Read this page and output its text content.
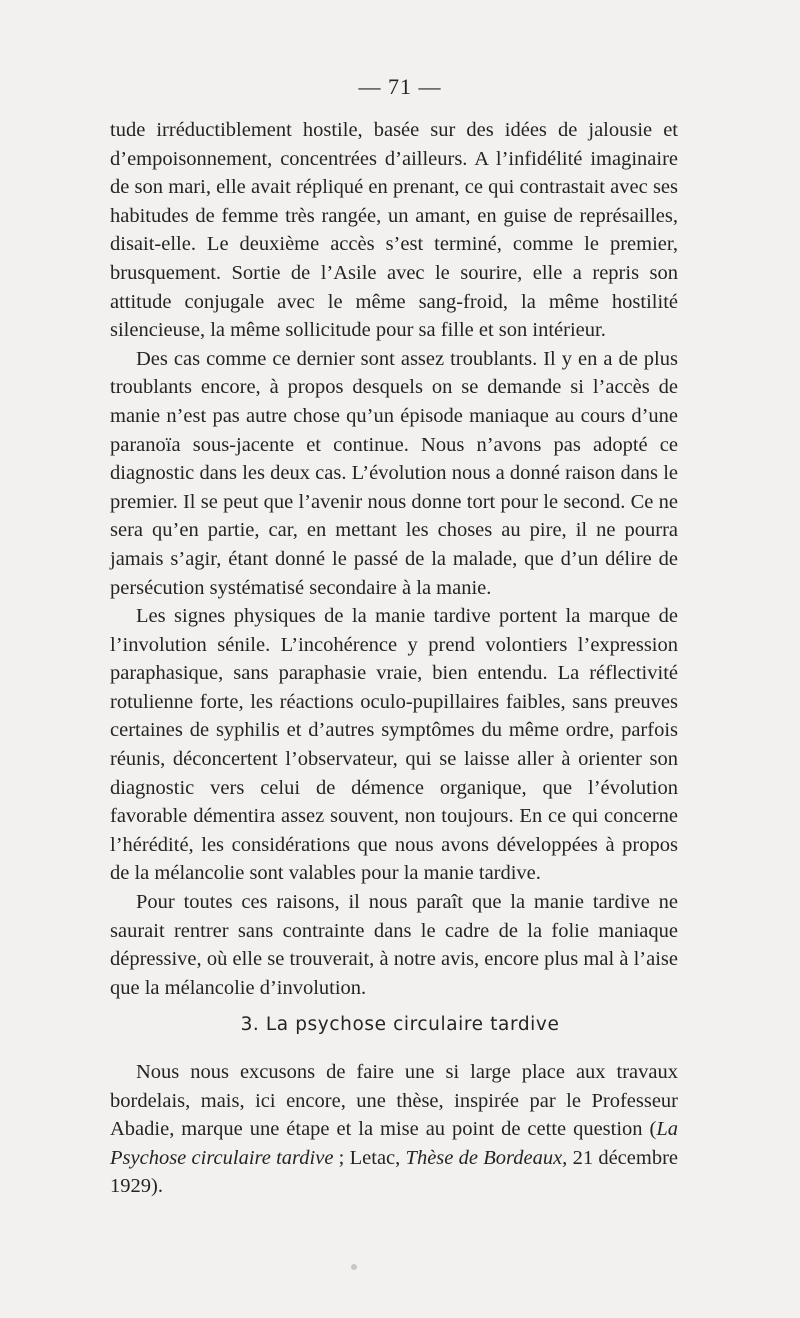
— 71 —

tude irréductiblement hostile, basée sur des idées de jalousie et d’empoisonnement, concentrées d’ailleurs. A l’infidélité imaginaire de son mari, elle avait répliqué en prenant, ce qui contrastait avec ses habitudes de femme très rangée, un amant, en guise de représailles, disait-elle. Le deuxième accès s’est terminé, comme le premier, brusquement. Sortie de l’Asile avec le sourire, elle a repris son attitude conjugale avec le même sang-froid, la même hostilité silencieuse, la même sollicitude pour sa fille et son intérieur.

Des cas comme ce dernier sont assez troublants. Il y en a de plus troublants encore, à propos desquels on se demande si l’accès de manie n’est pas autre chose qu’un épisode maniaque au cours d’une paranoïa sous-jacente et continue. Nous n’avons pas adopté ce diagnostic dans les deux cas. L’évolution nous a donné raison dans le premier. Il se peut que l’avenir nous donne tort pour le second. Ce ne sera qu’en partie, car, en mettant les choses au pire, il ne pourra jamais s’agir, étant donné le passé de la malade, que d’un délire de persécution systématisé secondaire à la manie.

Les signes physiques de la manie tardive portent la marque de l’involution sénile. L’incohérence y prend volontiers l’expression paraphasique, sans paraphasie vraie, bien entendu. La réflectivité rotulienne forte, les réactions oculo-pupillaires faibles, sans preuves certaines de syphilis et d’autres symptômes du même ordre, parfois réunis, déconcertent l’observateur, qui se laisse aller à orienter son diagnostic vers celui de démence organique, que l’évolution favorable démentira assez souvent, non toujours. En ce qui concerne l’hérédité, les considérations que nous avons développées à propos de la mélancolie sont valables pour la manie tardive.

Pour toutes ces raisons, il nous paraît que la manie tardive ne saurait rentrer sans contrainte dans le cadre de la folie maniaque dépressive, où elle se trouverait, à notre avis, encore plus mal à l’aise que la mélancolie d’involution.

3. La psychose circulaire tardive

Nous nous excusons de faire une si large place aux travaux bordelais, mais, ici encore, une thèse, inspirée par le Professeur Abadie, marque une étape et la mise au point de cette question (La Psychose circulaire tardive ; Letac, Thèse de Bordeaux, 21 décembre 1929).
